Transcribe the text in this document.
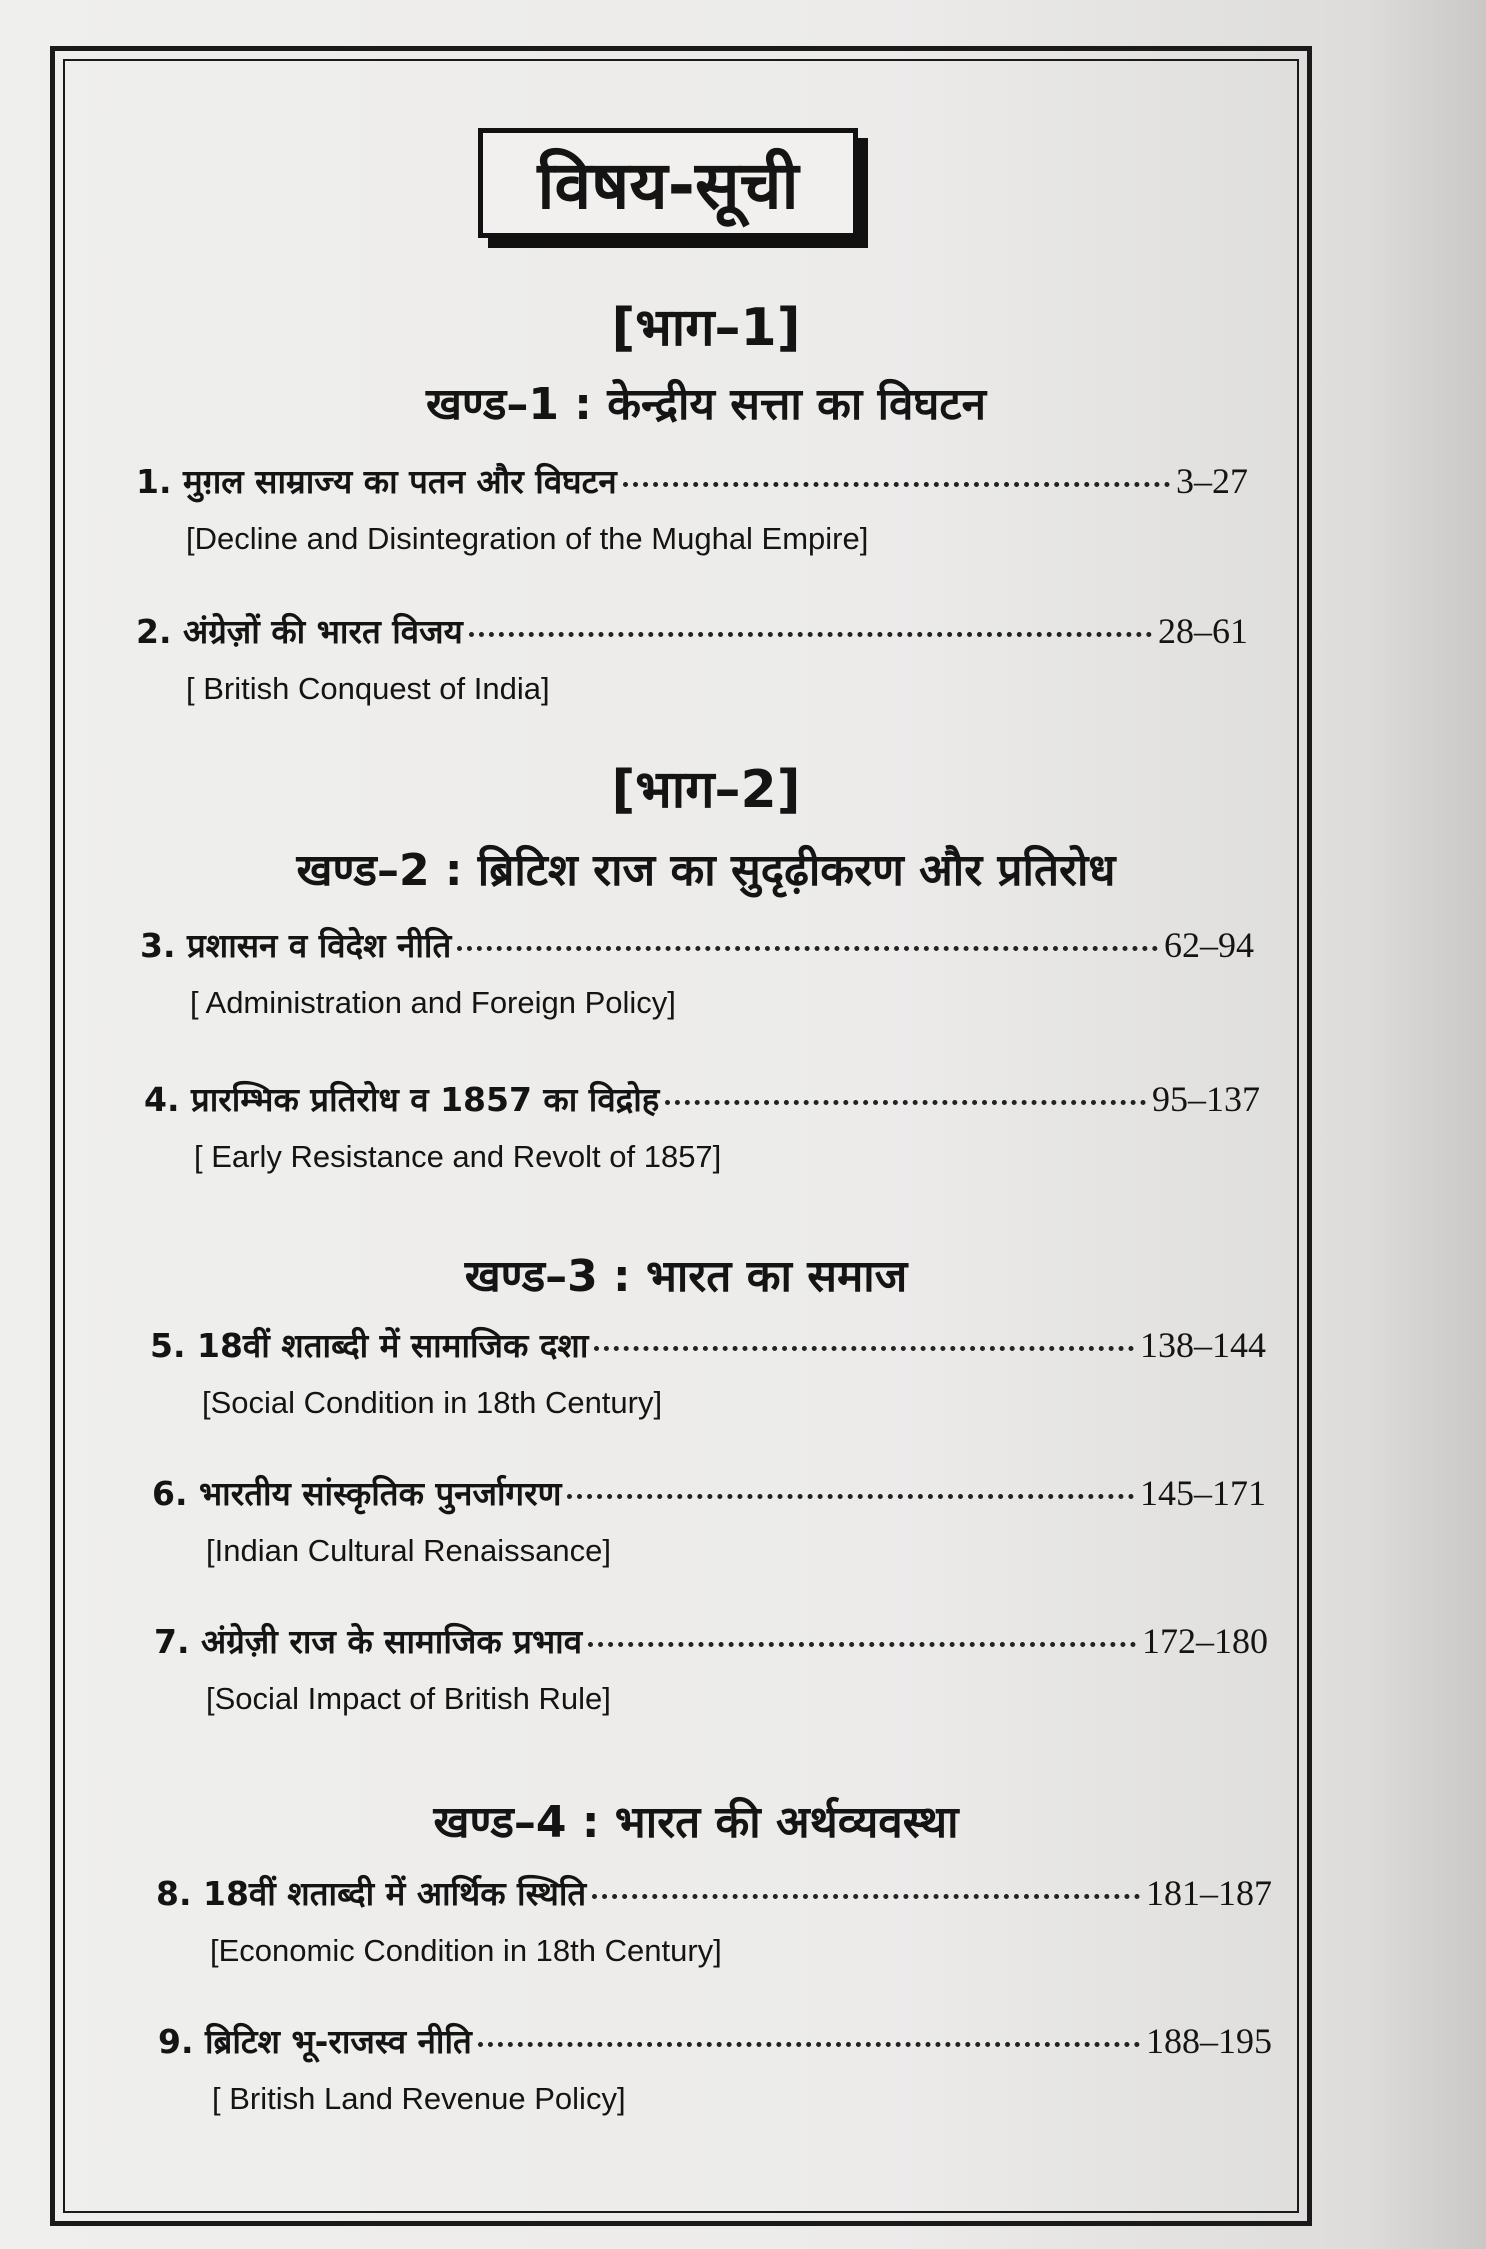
विषय-सूची
[भाग–1]
खण्ड–1 : केन्द्रीय सत्ता का विघटन
1. मुग़ल साम्राज्य का पतन और विघटन	3–27
[Decline and Disintegration of the Mughal Empire]
2. अंग्रेज़ों की भारत विजय	28–61
[ British Conquest of India]
[भाग–2]
खण्ड–2 : ब्रिटिश राज का सुदृढ़ीकरण और प्रतिरोध
3. प्रशासन व विदेश नीति	62–94
[ Administration and Foreign Policy]
4. प्रारम्भिक प्रतिरोध व 1857 का विद्रोह	95–137
[ Early Resistance and Revolt of 1857]
खण्ड–3 : भारत का समाज
5. 18वीं शताब्दी में सामाजिक दशा	138–144
[Social Condition in 18th Century]
6. भारतीय सांस्कृतिक पुनर्जागरण	145–171
[Indian Cultural Renaissance]
7. अंग्रेज़ी राज के सामाजिक प्रभाव	172–180
[Social Impact of British Rule]
खण्ड–4 : भारत की अर्थव्यवस्था
8. 18वीं शताब्दी में आर्थिक स्थिति	181–187
[Economic Condition in 18th Century]
9. ब्रिटिश भू-राजस्व नीति	188–195
[ British Land Revenue Policy]
